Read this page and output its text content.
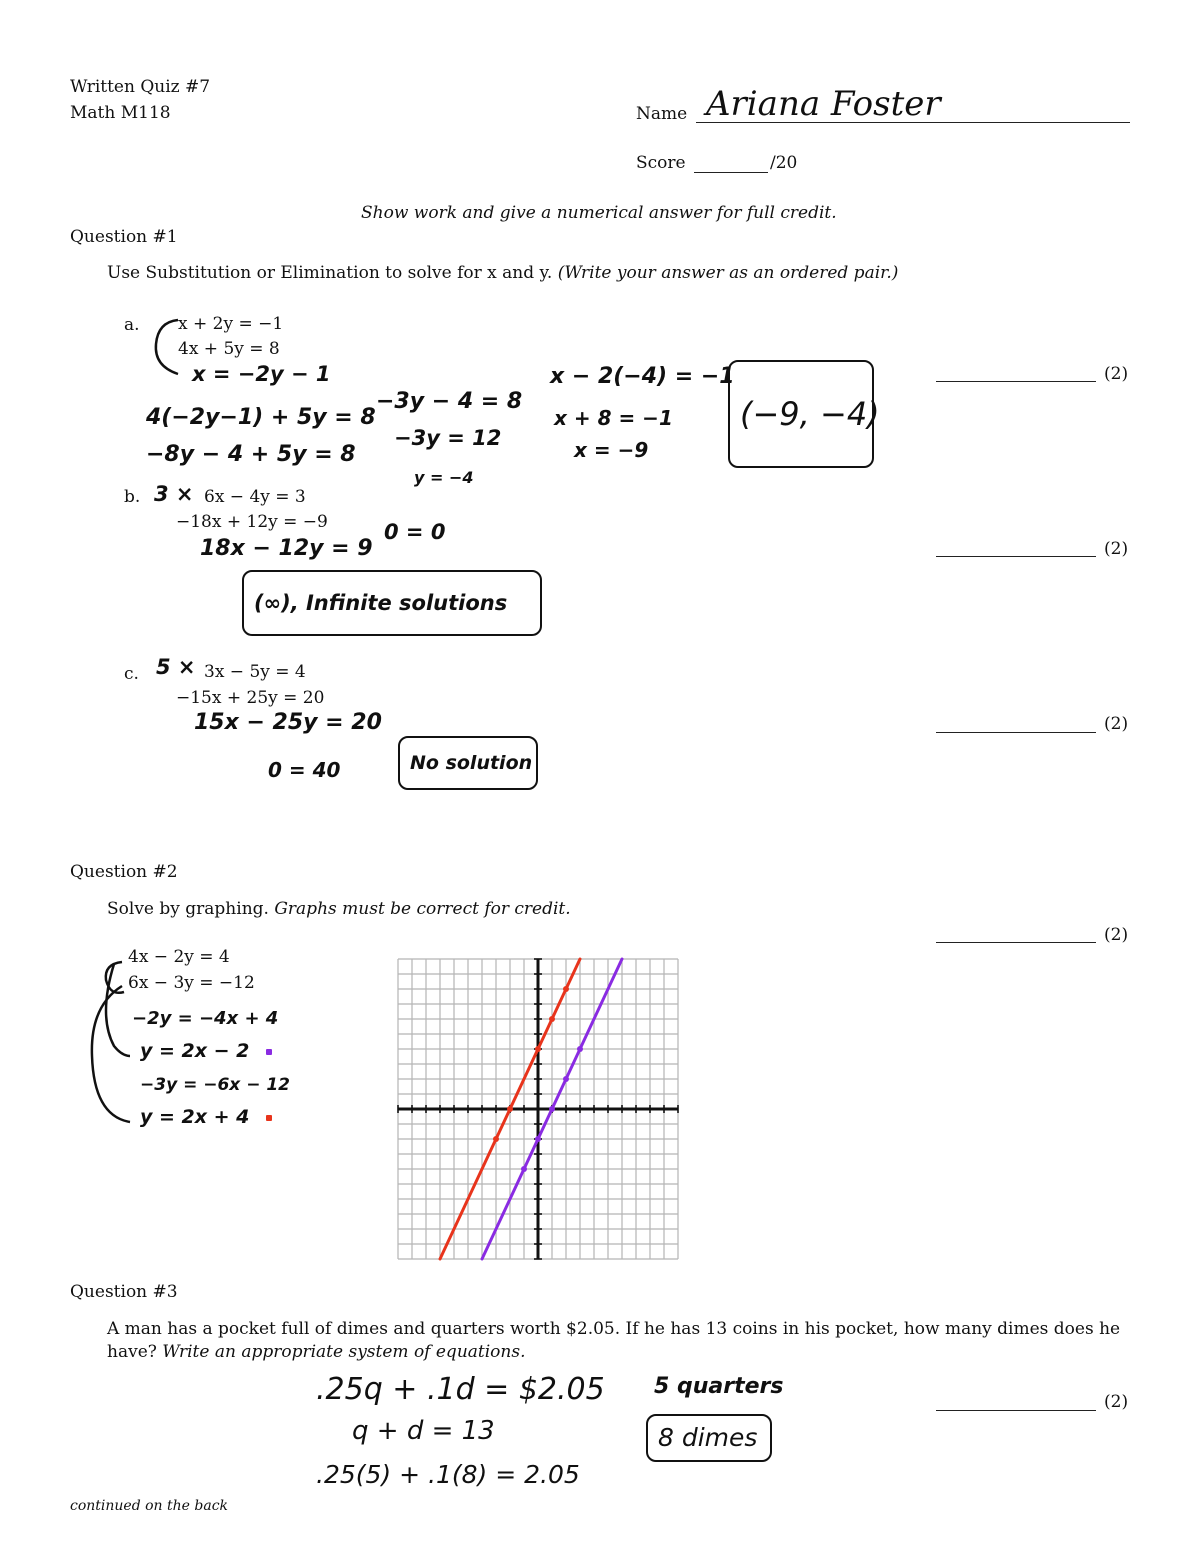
Written Quiz #7
Math M118	Name Ariana Foster
Score	/20
Show work and give a numerical answer for full credit.
Question #1
Use Substitution or Elimination to solve for x and y. (Write your answer as an ordered pair.)
a. x + 2y = −1
4x + 5y = 8
x = −2y − 1
4(−2y−1) + 5y = 8
−8y − 4 + 5y = 8
−3y − 4 = 8
−3y = 12
y = −4
x − 2(−4) = −1
x + 8 = −1
x = −9
(−9, −4)
(2)
b. 3 × 6x − 4y = 3
−18x + 12y = −9
18x − 12y = 9
0 = 0
(∞), Infinite solutions
(2)
c. 5 × 3x − 5y = 4
−15x + 25y = 20
15x − 25y = 20
0 = 40	No solution
(2)
Question #2
Solve by graphing. Graphs must be correct for credit.
(2)
4x − 2y = 4
6x − 3y = −12
−2y = −4x + 4
y = 2x − 2
−3y = −6x − 12
y = 2x + 4
Question #3
A man has a pocket full of dimes and quarters worth $2.05. If he has 13 coins in his pocket, how many dimes does he
have? Write an appropriate system of equations.
.25q + .1d = $2.05
q + d = 13
.25(5) + .1(8) = 2.05
5 quarters
8 dimes
(2)
continued on the back
